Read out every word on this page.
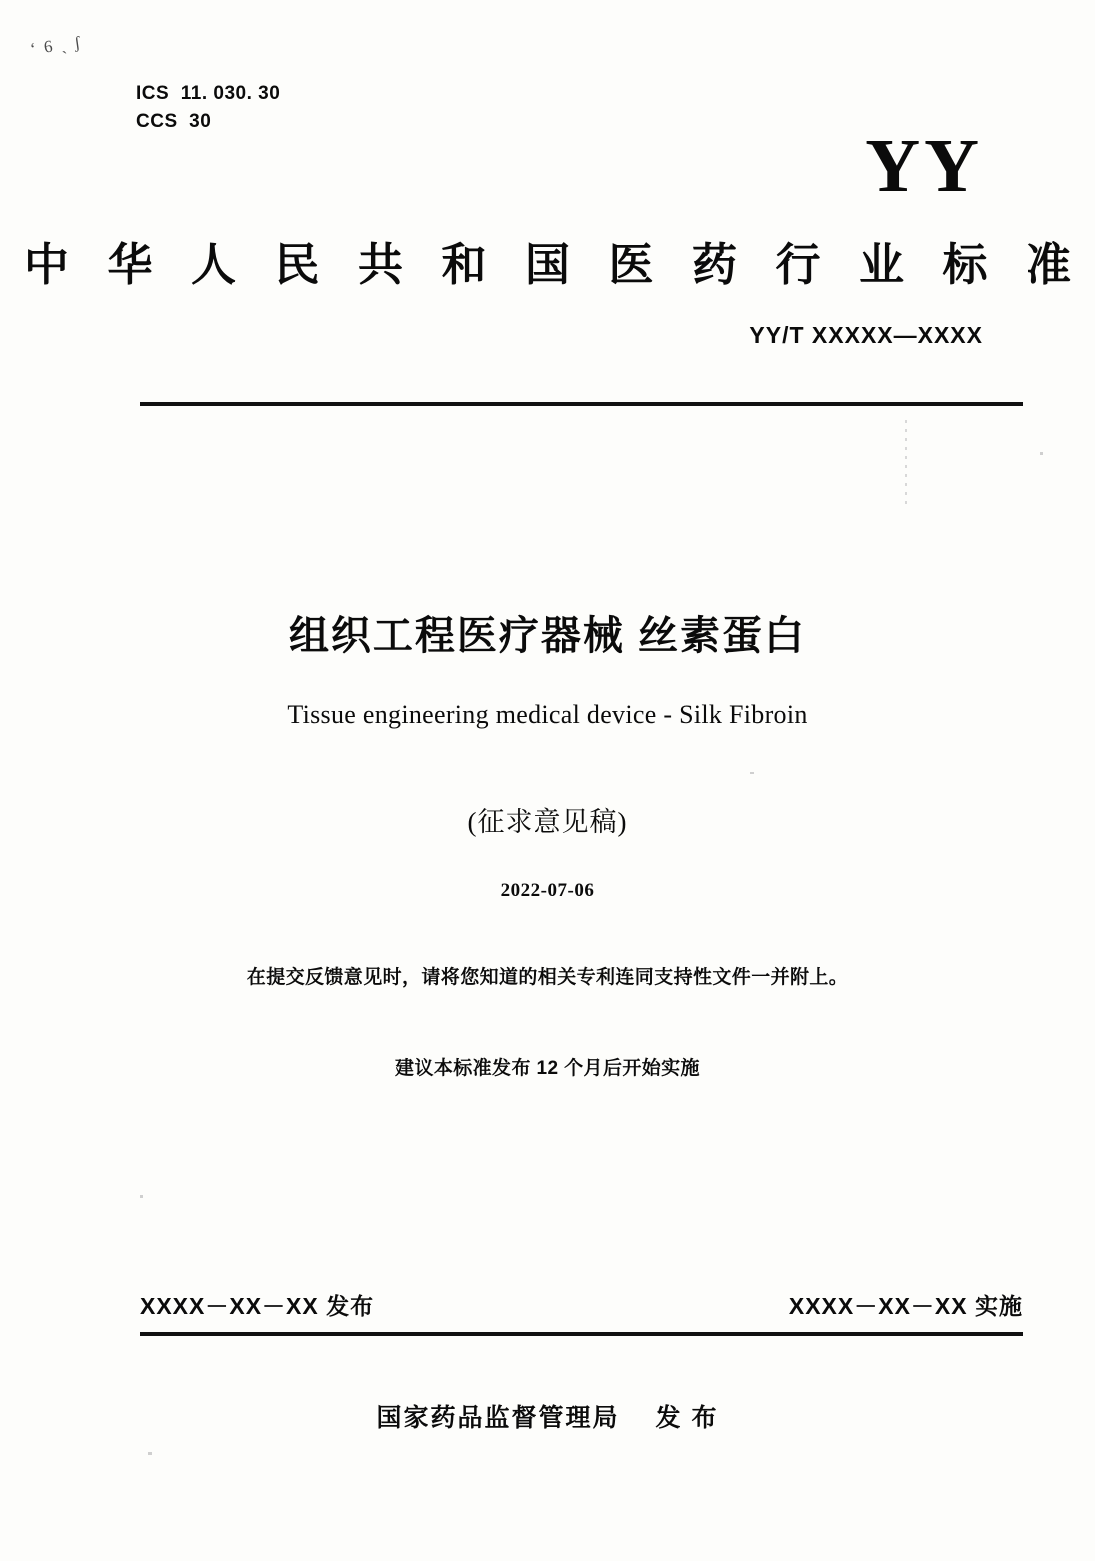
ʻ 6 ˎ ʃ
ICS  11. 030. 30
CCS  30
YY
中 华 人 民 共 和 国 医 药 行 业 标 准
YY/T XXXXX—XXXX
组织工程医疗器械 丝素蛋白
Tissue engineering medical device - Silk Fibroin
(征求意见稿)
2022-07-06
在提交反馈意见时，请将您知道的相关专利连同支持性文件一并附上。
建议本标准发布 12 个月后开始实施
XXXX－XX－XX 发布	XXXX－XX－XX 实施
国家药品监督管理局 发 布
